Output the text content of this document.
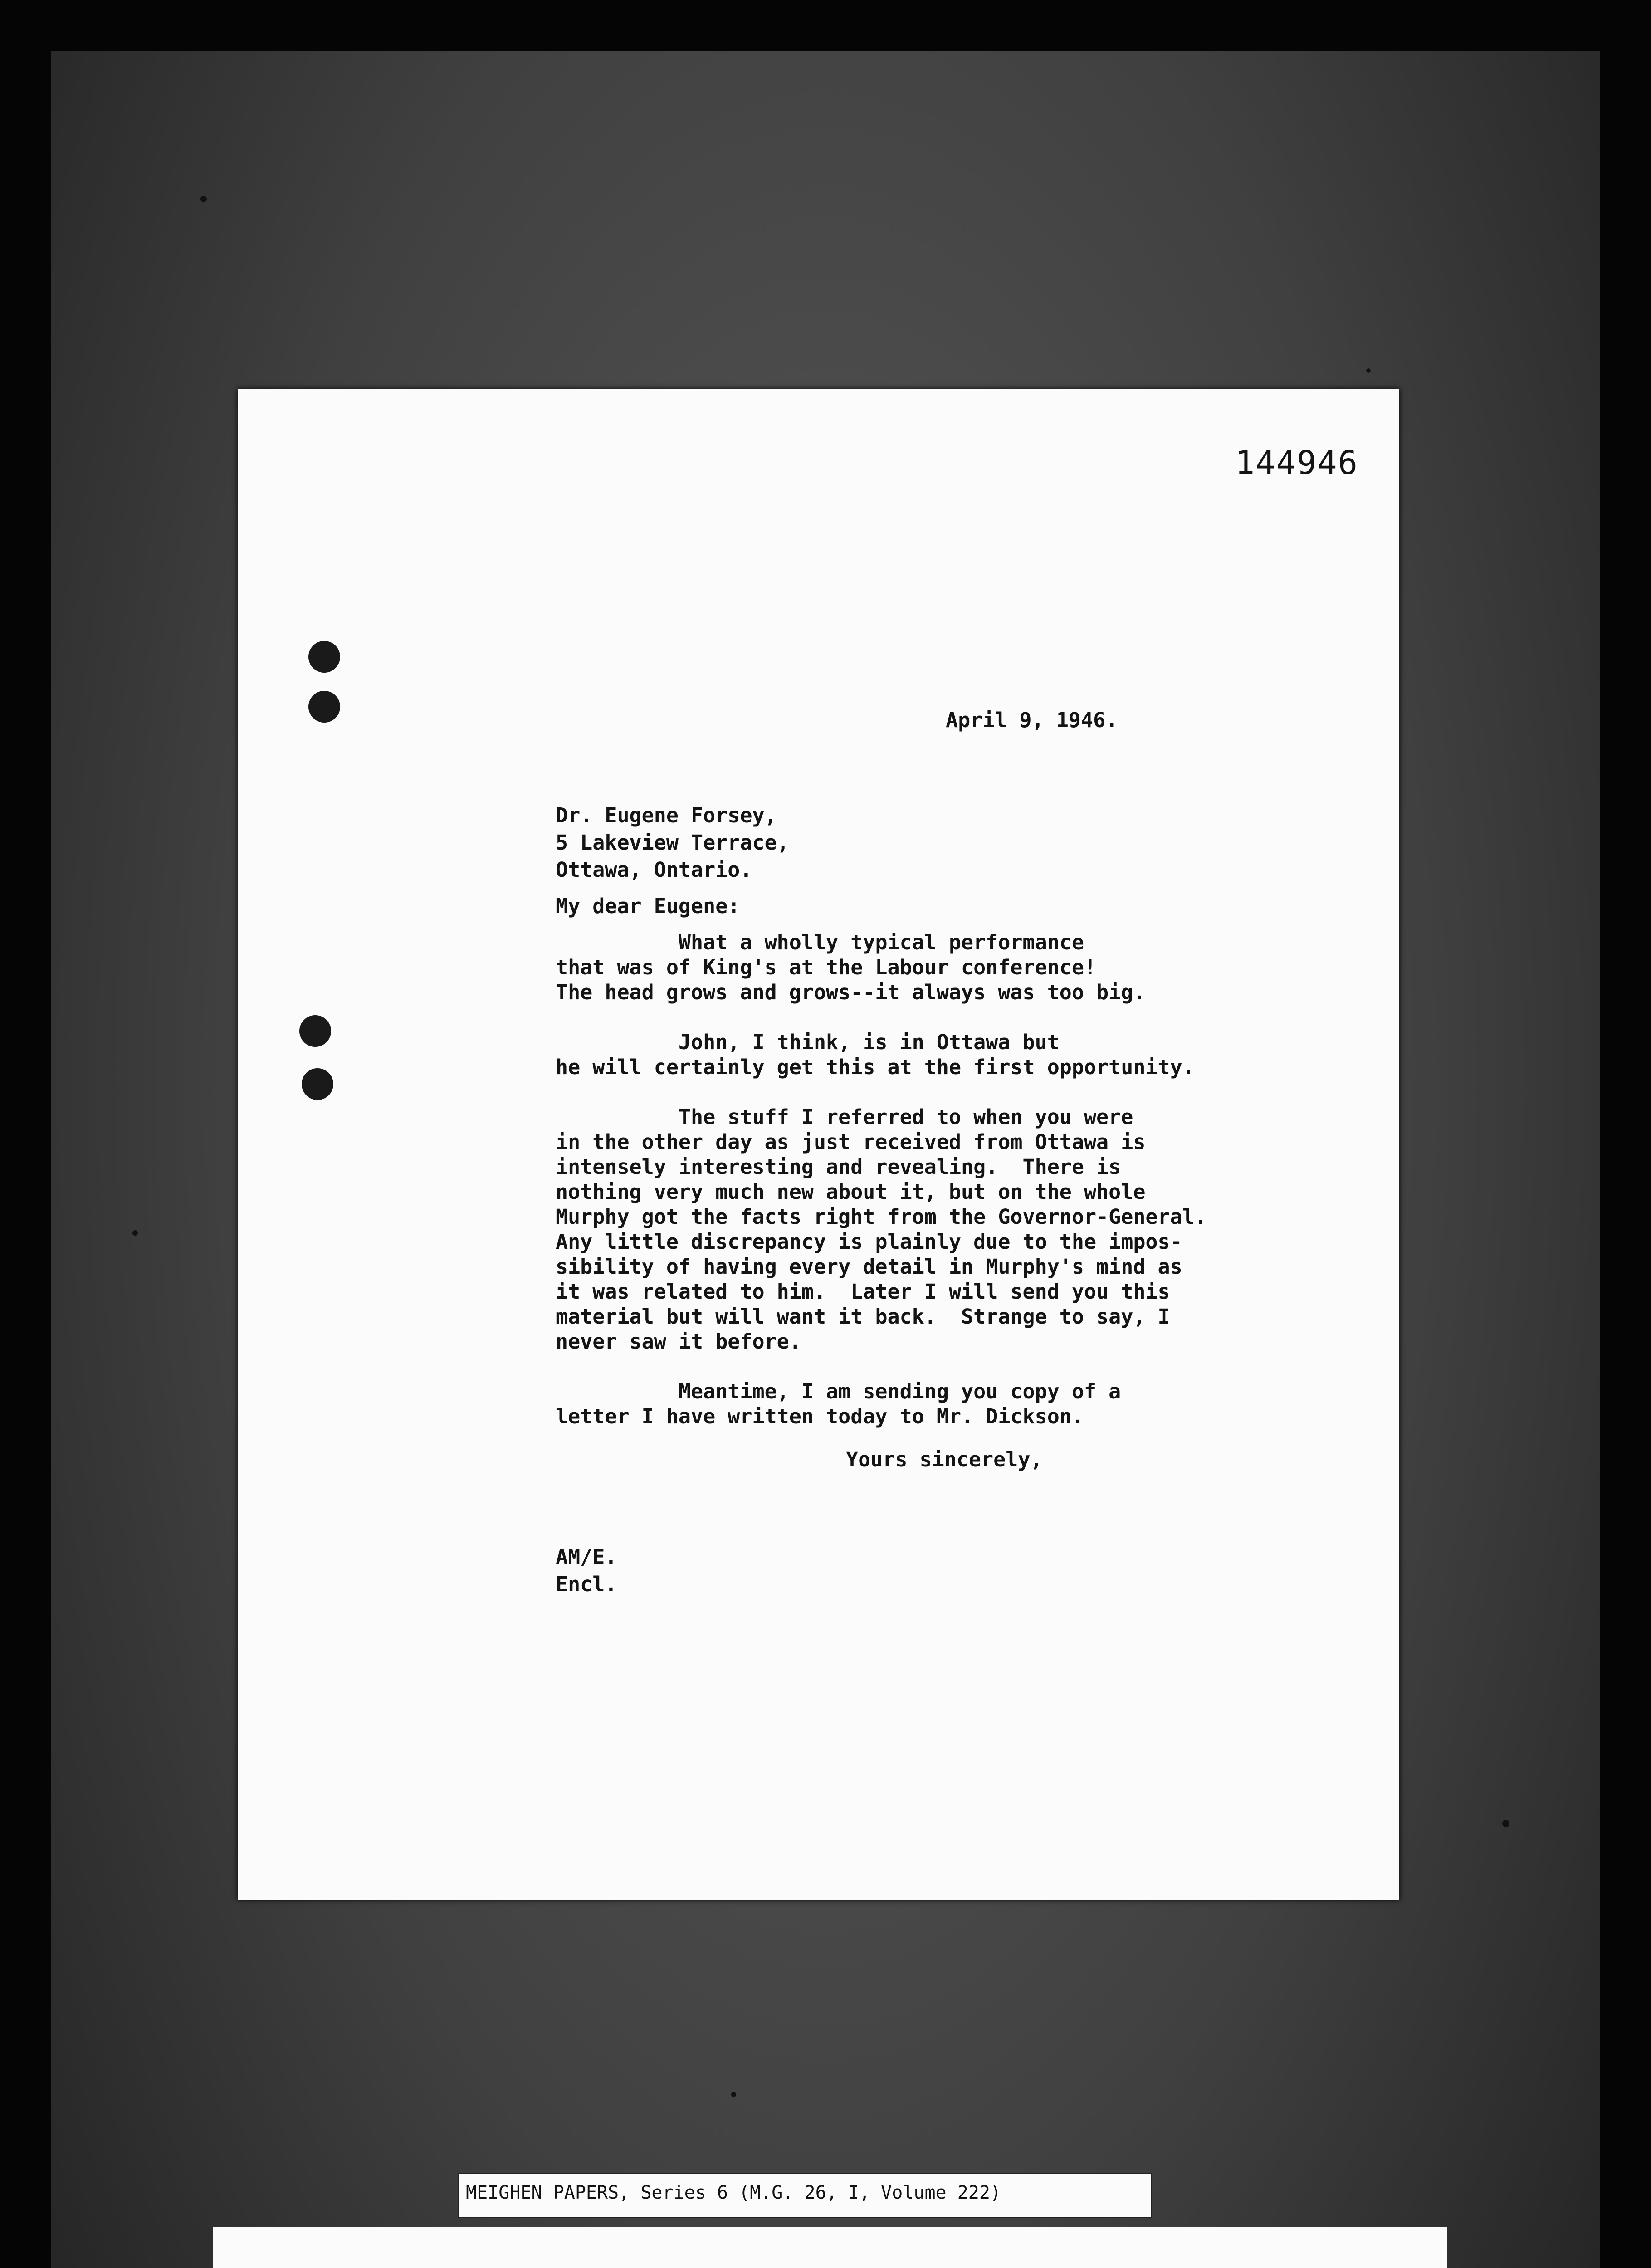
144946
April 9, 1946.
Dr. Eugene Forsey,
5 Lakeview Terrace,
Ottawa, Ontario.
My dear Eugene:
What a wholly typical performance
that was of King's at the Labour conference!
The head grows and grows--it always was too big.
John, I think, is in Ottawa but
he will certainly get this at the first opportunity.
The stuff I referred to when you were
in the other day as just received from Ottawa is
intensely interesting and revealing.  There is
nothing very much new about it, but on the whole
Murphy got the facts right from the Governor-General.
Any little discrepancy is plainly due to the impos-
sibility of having every detail in Murphy's mind as
it was related to him.  Later I will send you this
material but will want it back.  Strange to say, I
never saw it before.
Meantime, I am sending you copy of a
letter I have written today to Mr. Dickson.
Yours sincerely,
AM/E.
Encl.
MEIGHEN PAPERS, Series 6 (M.G. 26, I, Volume 222)
